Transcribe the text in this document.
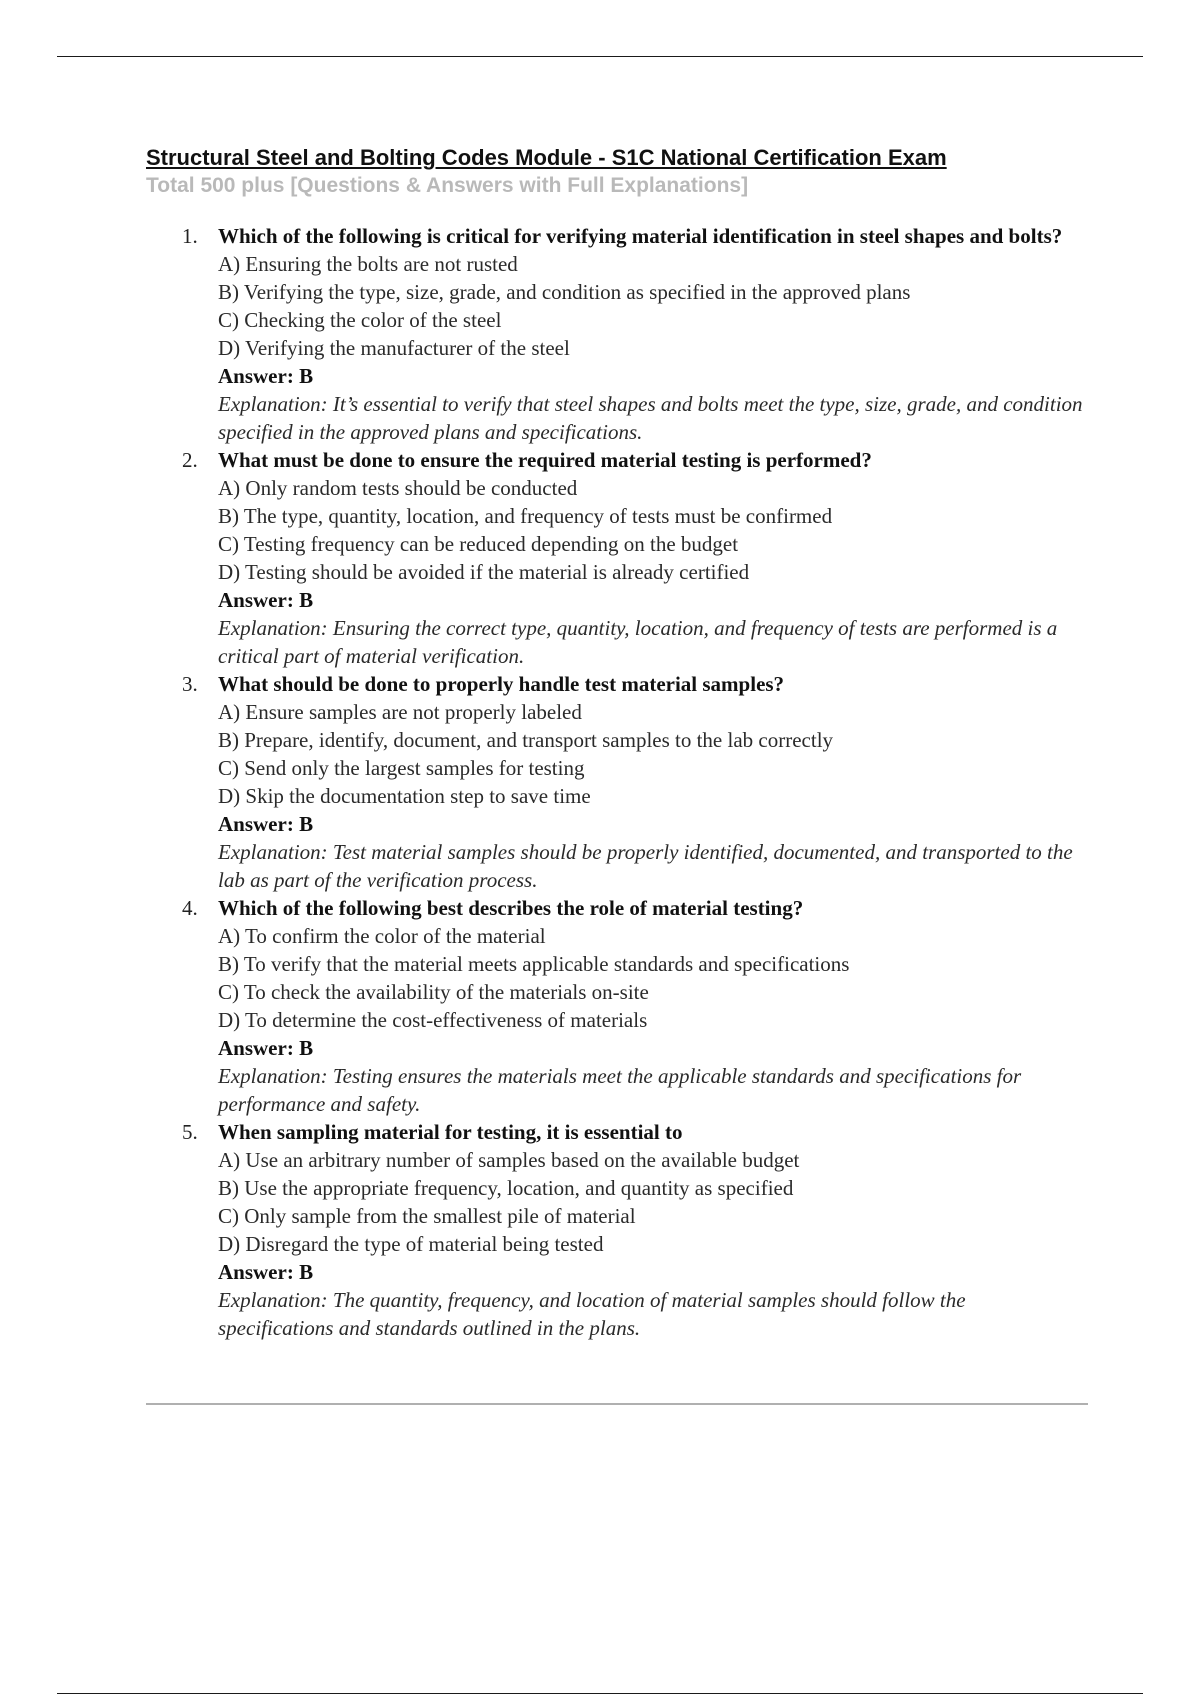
Structural Steel and Bolting Codes Module - S1C National Certification Exam

Total 500 plus [Questions & Answers with Full Explanations]

1. Which of the following is critical for verifying material identification in steel shapes and bolts?
A) Ensuring the bolts are not rusted
B) Verifying the type, size, grade, and condition as specified in the approved plans
C) Checking the color of the steel
D) Verifying the manufacturer of the steel
Answer: B
Explanation: It’s essential to verify that steel shapes and bolts meet the type, size, grade, and condition specified in the approved plans and specifications.
2. What must be done to ensure the required material testing is performed?
A) Only random tests should be conducted
B) The type, quantity, location, and frequency of tests must be confirmed
C) Testing frequency can be reduced depending on the budget
D) Testing should be avoided if the material is already certified
Answer: B
Explanation: Ensuring the correct type, quantity, location, and frequency of tests are performed is a critical part of material verification.
3. What should be done to properly handle test material samples?
A) Ensure samples are not properly labeled
B) Prepare, identify, document, and transport samples to the lab correctly
C) Send only the largest samples for testing
D) Skip the documentation step to save time
Answer: B
Explanation: Test material samples should be properly identified, documented, and transported to the lab as part of the verification process.
4. Which of the following best describes the role of material testing?
A) To confirm the color of the material
B) To verify that the material meets applicable standards and specifications
C) To check the availability of the materials on-site
D) To determine the cost-effectiveness of materials
Answer: B
Explanation: Testing ensures the materials meet the applicable standards and specifications for performance and safety.
5. When sampling material for testing, it is essential to
A) Use an arbitrary number of samples based on the available budget
B) Use the appropriate frequency, location, and quantity as specified
C) Only sample from the smallest pile of material
D) Disregard the type of material being tested
Answer: B
Explanation: The quantity, frequency, and location of material samples should follow the specifications and standards outlined in the plans.
